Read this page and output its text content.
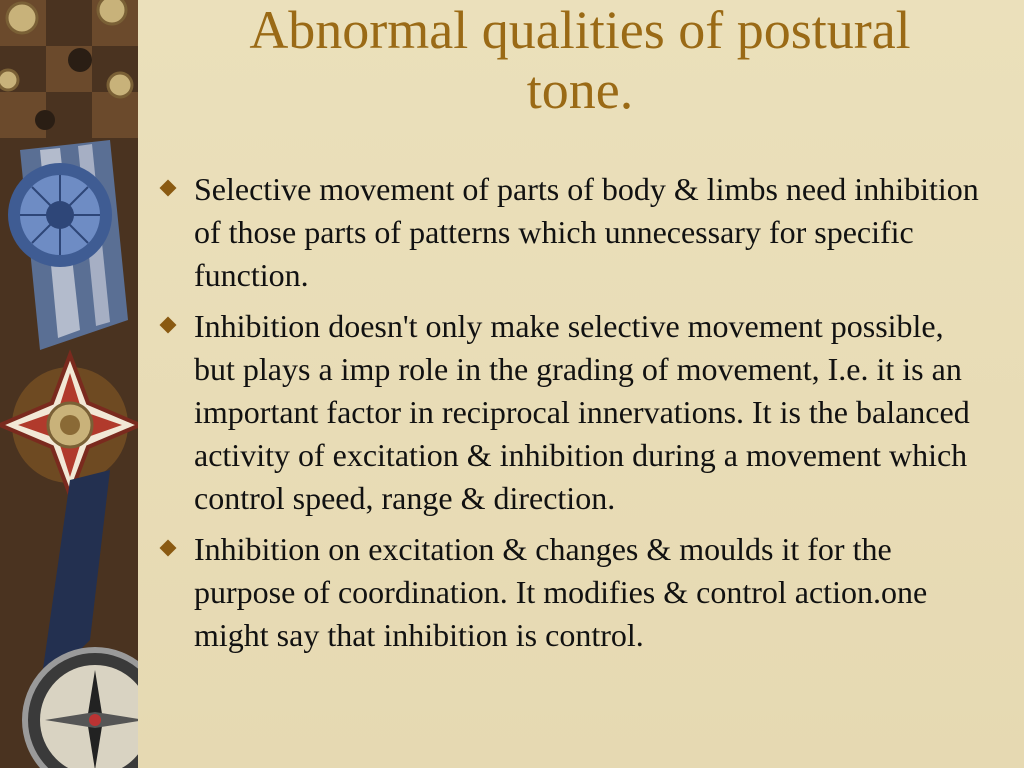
Abnormal qualities of postural
tone.
Selective movement of parts of body & limbs need inhibition of those parts of patterns which unnecessary for specific function.
Inhibition doesn't only make selective movement possible, but plays a imp role in the grading of movement, I.e. it is an important factor in reciprocal innervations. It is the balanced activity of excitation & inhibition during a movement which control speed, range & direction.
Inhibition on excitation & changes & moulds it for the purpose of coordination. It modifies & control action.one might say that inhibition is control.
